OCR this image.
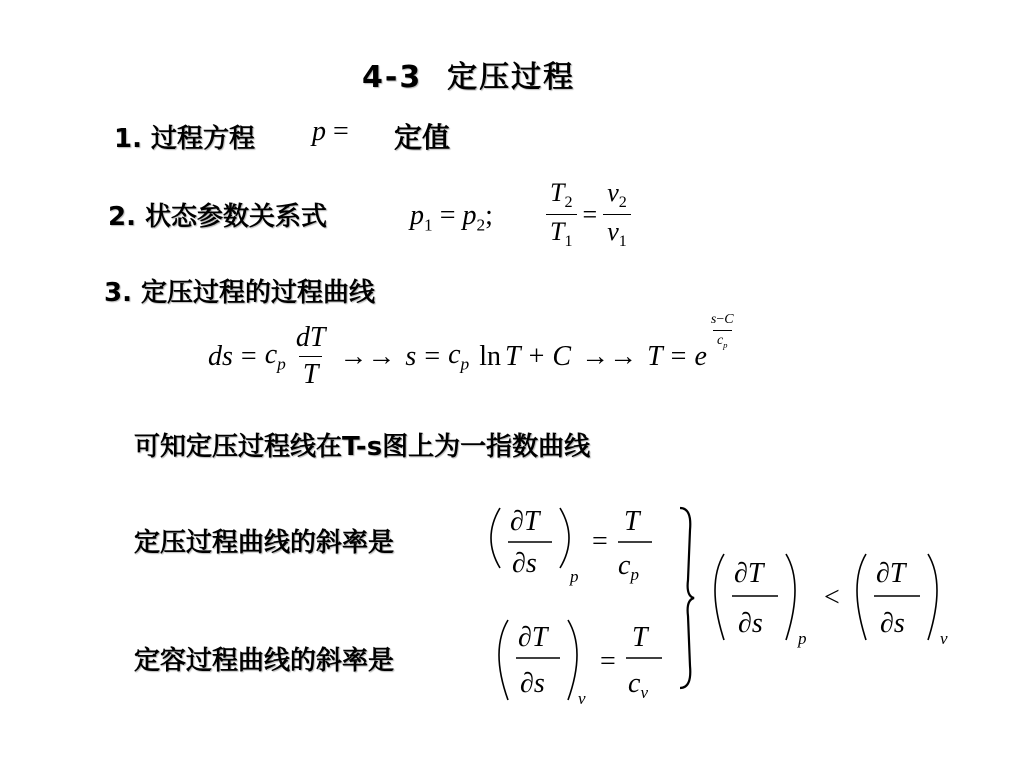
4-3  定压过程
1. 过程方程 p = 定值
2. 状态参数关系式	$p_1 = p_2$; $\frac{T_2}{T_1} = \frac{v_2}{v_1}$
3. 定压过程的过程曲线
ds = $c_p \frac{dT}{T} \to\to s = c_p$ ln T + C →→ T = e
$\frac{s-C}{c_p}$
可知定压过程线在T-s图上为一指数曲线
定压过程曲线的斜率是
定容过程曲线的斜率是
∂T
∂s p
=
T
$c_p$
∂T
∂s v
=
T
$c_v$
∂T
∂s p
<
∂T
∂s v
